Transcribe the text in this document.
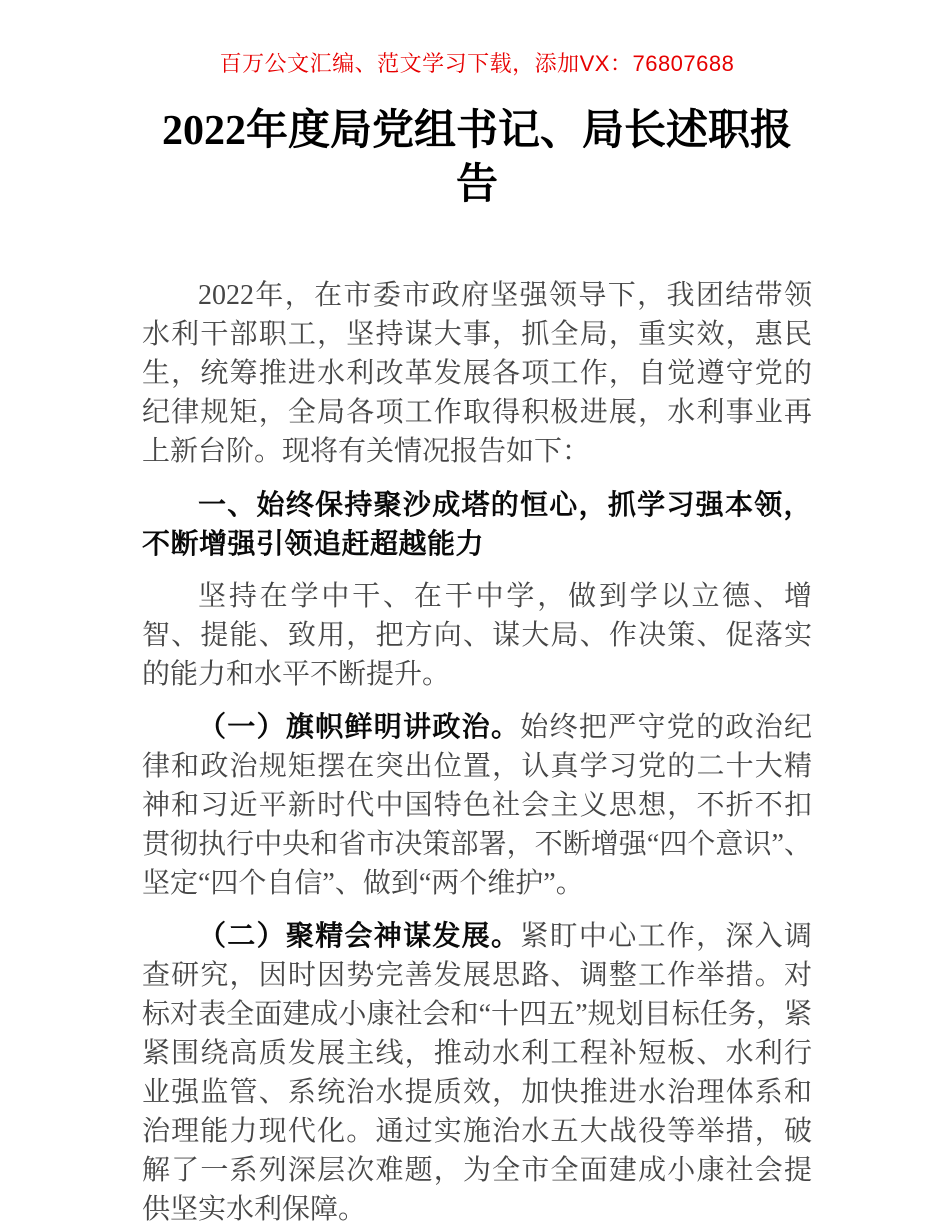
百万公文汇编、范文学习下载，添加VX：76807688
2022年度局党组书记、局长述职报告

2022年，在市委市政府坚强领导下，我团结带领水利干部职工，坚持谋大事，抓全局，重实效，惠民生，统筹推进水利改革发展各项工作，自觉遵守党的纪律规矩，全局各项工作取得积极进展，水利事业再上新台阶。现将有关情况报告如下：

一、始终保持聚沙成塔的恒心，抓学习强本领，不断增强引领追赶超越能力

坚持在学中干、在干中学，做到学以立德、增智、提能、致用，把方向、谋大局、作决策、促落实的能力和水平不断提升。

（一）旗帜鲜明讲政治。始终把严守党的政治纪律和政治规矩摆在突出位置，认真学习党的二十大精神和习近平新时代中国特色社会主义思想，不折不扣贯彻执行中央和省市决策部署，不断增强“四个意识”、坚定“四个自信”、做到“两个维护”。

（二）聚精会神谋发展。紧盯中心工作，深入调查研究，因时因势完善发展思路、调整工作举措。对标对表全面建成小康社会和“十四五”规划目标任务，紧紧围绕高质发展主线，推动水利工程补短板、水利行业强监管、系统治水提质效，加快推进水治理体系和治理能力现代化。通过实施治水五大战役等举措，破解了一系列深层次难题，为全市全面建成小康社会提供坚实水利保障。
